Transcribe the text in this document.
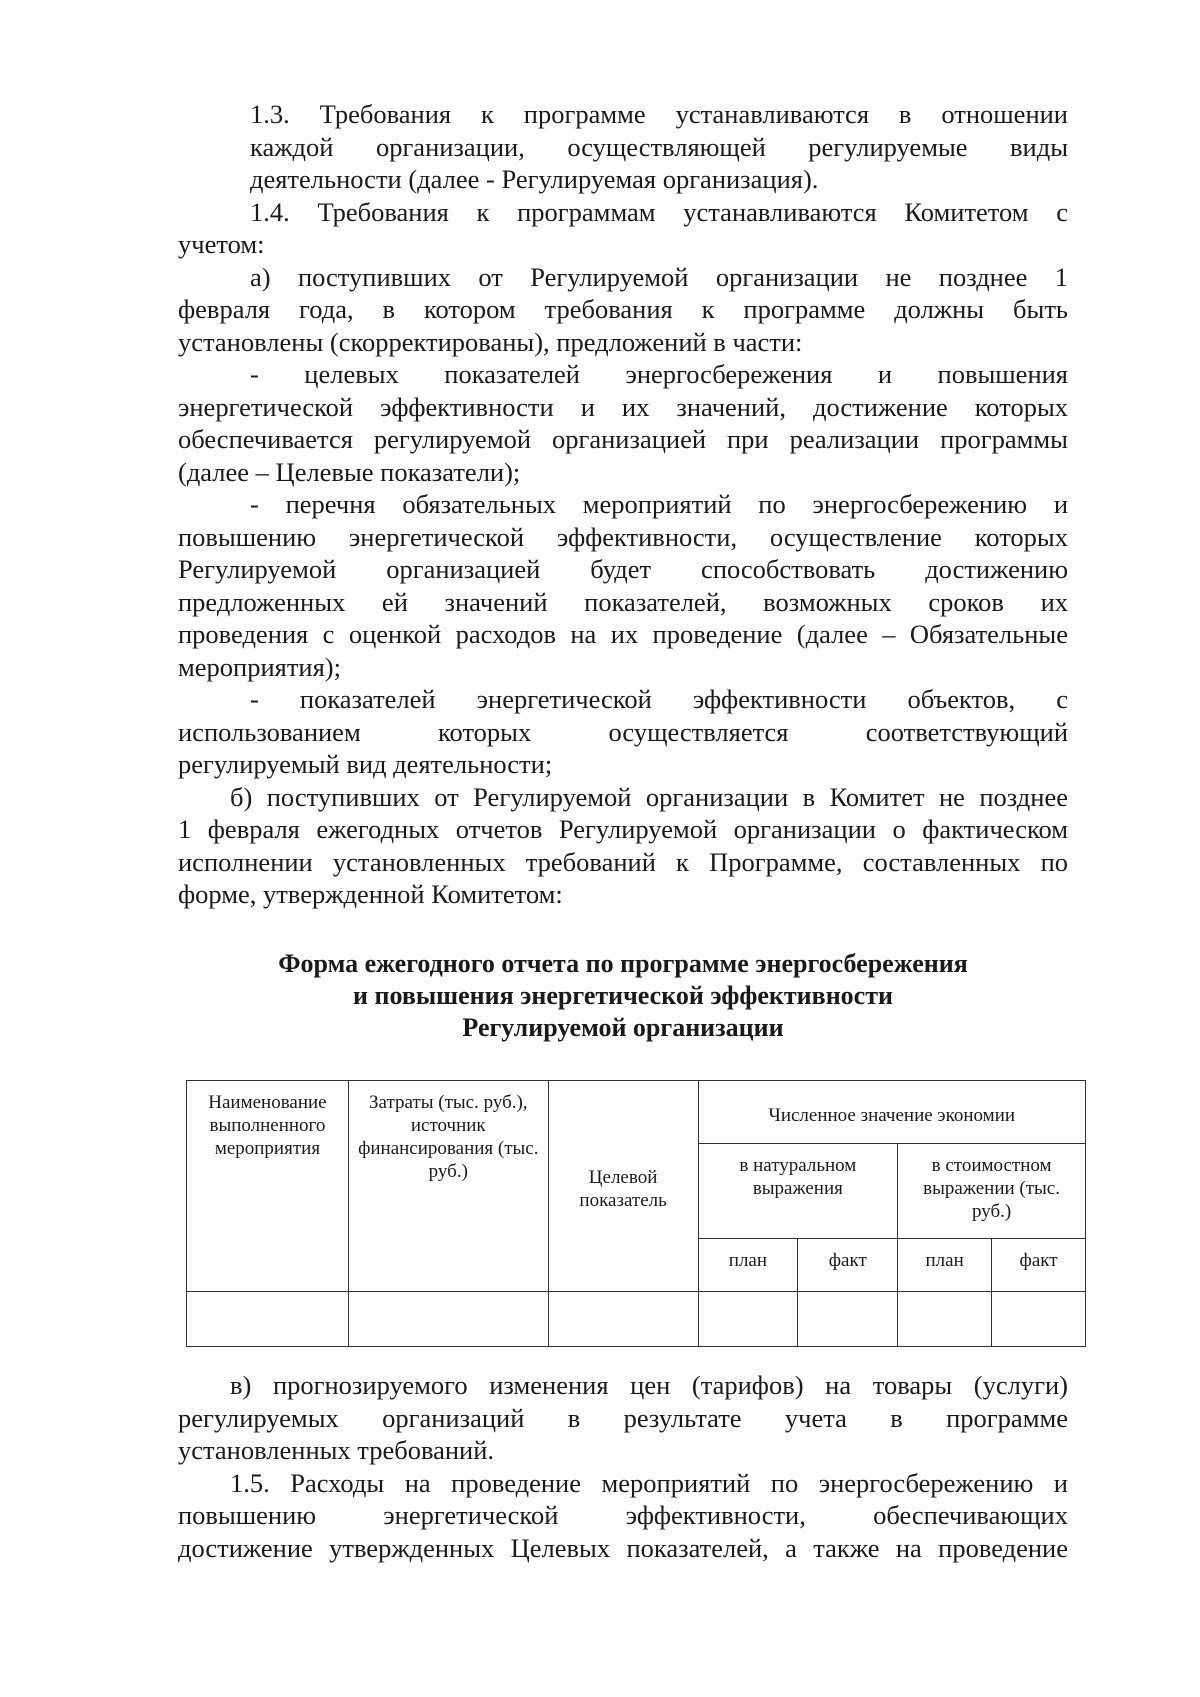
1.3. Требования к программе устанавливаются в отношении
каждой организации, осуществляющей регулируемые виды
деятельности (далее - Регулируемая организация).

1.4. Требования к программам устанавливаются Комитетом с
учетом:

а) поступивших от Регулируемой организации не позднее 1
февраля года, в котором требования к программе должны быть
установлены (скорректированы), предложений в части:

- целевых показателей энергосбережения и повышения
энергетической эффективности и их значений, достижение которых
обеспечивается регулируемой организацией при реализации программы
(далее – Целевые показатели);

- перечня обязательных мероприятий по энергосбережению и
повышению энергетической эффективности, осуществление которых
Регулируемой организацией будет способствовать достижению
предложенных ей значений показателей, возможных сроков их
проведения с оценкой расходов на их проведение (далее – Обязательные
мероприятия);

- показателей энергетической эффективности объектов, с
использованием которых осуществляется соответствующий
регулируемый вид деятельности;

б) поступивших от Регулируемой организации в Комитет не позднее
1 февраля ежегодных отчетов Регулируемой организации о фактическом
исполнении установленных требований к Программе, составленных по
форме, утвержденной Комитетом:

Форма ежегодного отчета по программе энергосбережения
и повышения энергетической эффективности
Регулируемой организации
Наименование выполненного мероприятия	Затраты (тыс. руб.), источник финансирования (тыс. руб.)	Целевой показатель	Численное значение экономии			
			в натуральном выражения		в стоимостном выражении (тыс. руб.)	
			план	факт	план	факт

в) прогнозируемого изменения цен (тарифов) на товары (услуги)
регулируемых организаций в результате учета в программе
установленных требований.

1.5. Расходы на проведение мероприятий по энергосбережению и
повышению энергетической эффективности, обеспечивающих
достижение утвержденных Целевых показателей, а также на проведение
